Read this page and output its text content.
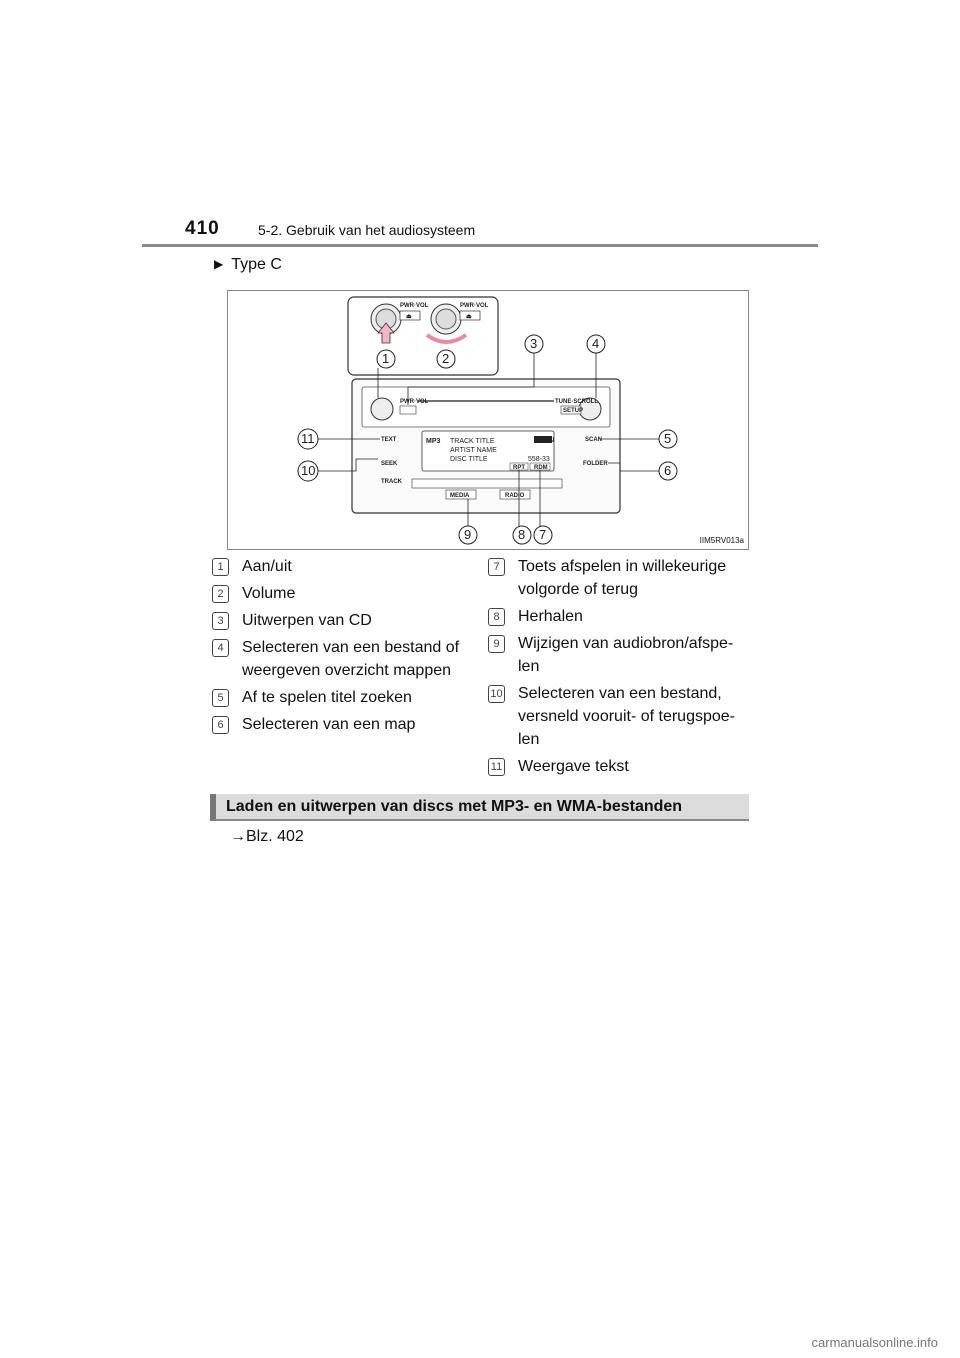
410	5-2. Gebruik van het audiosysteem
▶ Type C
PWR·VOL
⏏
PWR·VOL
⏏
1	2
PWR·VOL	TUNE·SCROLL
SETUP
TEXT
SEEK
TRACK
SCAN
FOLDER
MP3 TRACK TITLE
ARTIST NAME
DISC TITLE
CD IN
558-33
RPT RDM
MEDIA	RADIO
3	4
5
6
7
8
9
10
11
IIM5RV013a
1	Aan/uit
2	Volume
3	Uitwerpen van CD
4	Selecteren van een bestand of weergeven overzicht mappen
5	Af te spelen titel zoeken
6	Selecteren van een map
7	Toets afspelen in willekeurige volgorde of terug
8	Herhalen
9	Wijzigen van audiobron/afspe-len
10 Selecteren van een bestand, versneld vooruit- of terugspoe-len
11 Weergave tekst
Laden en uitwerpen van discs met MP3- en WMA-bestanden
→Blz. 402
carmanualsonline.info
